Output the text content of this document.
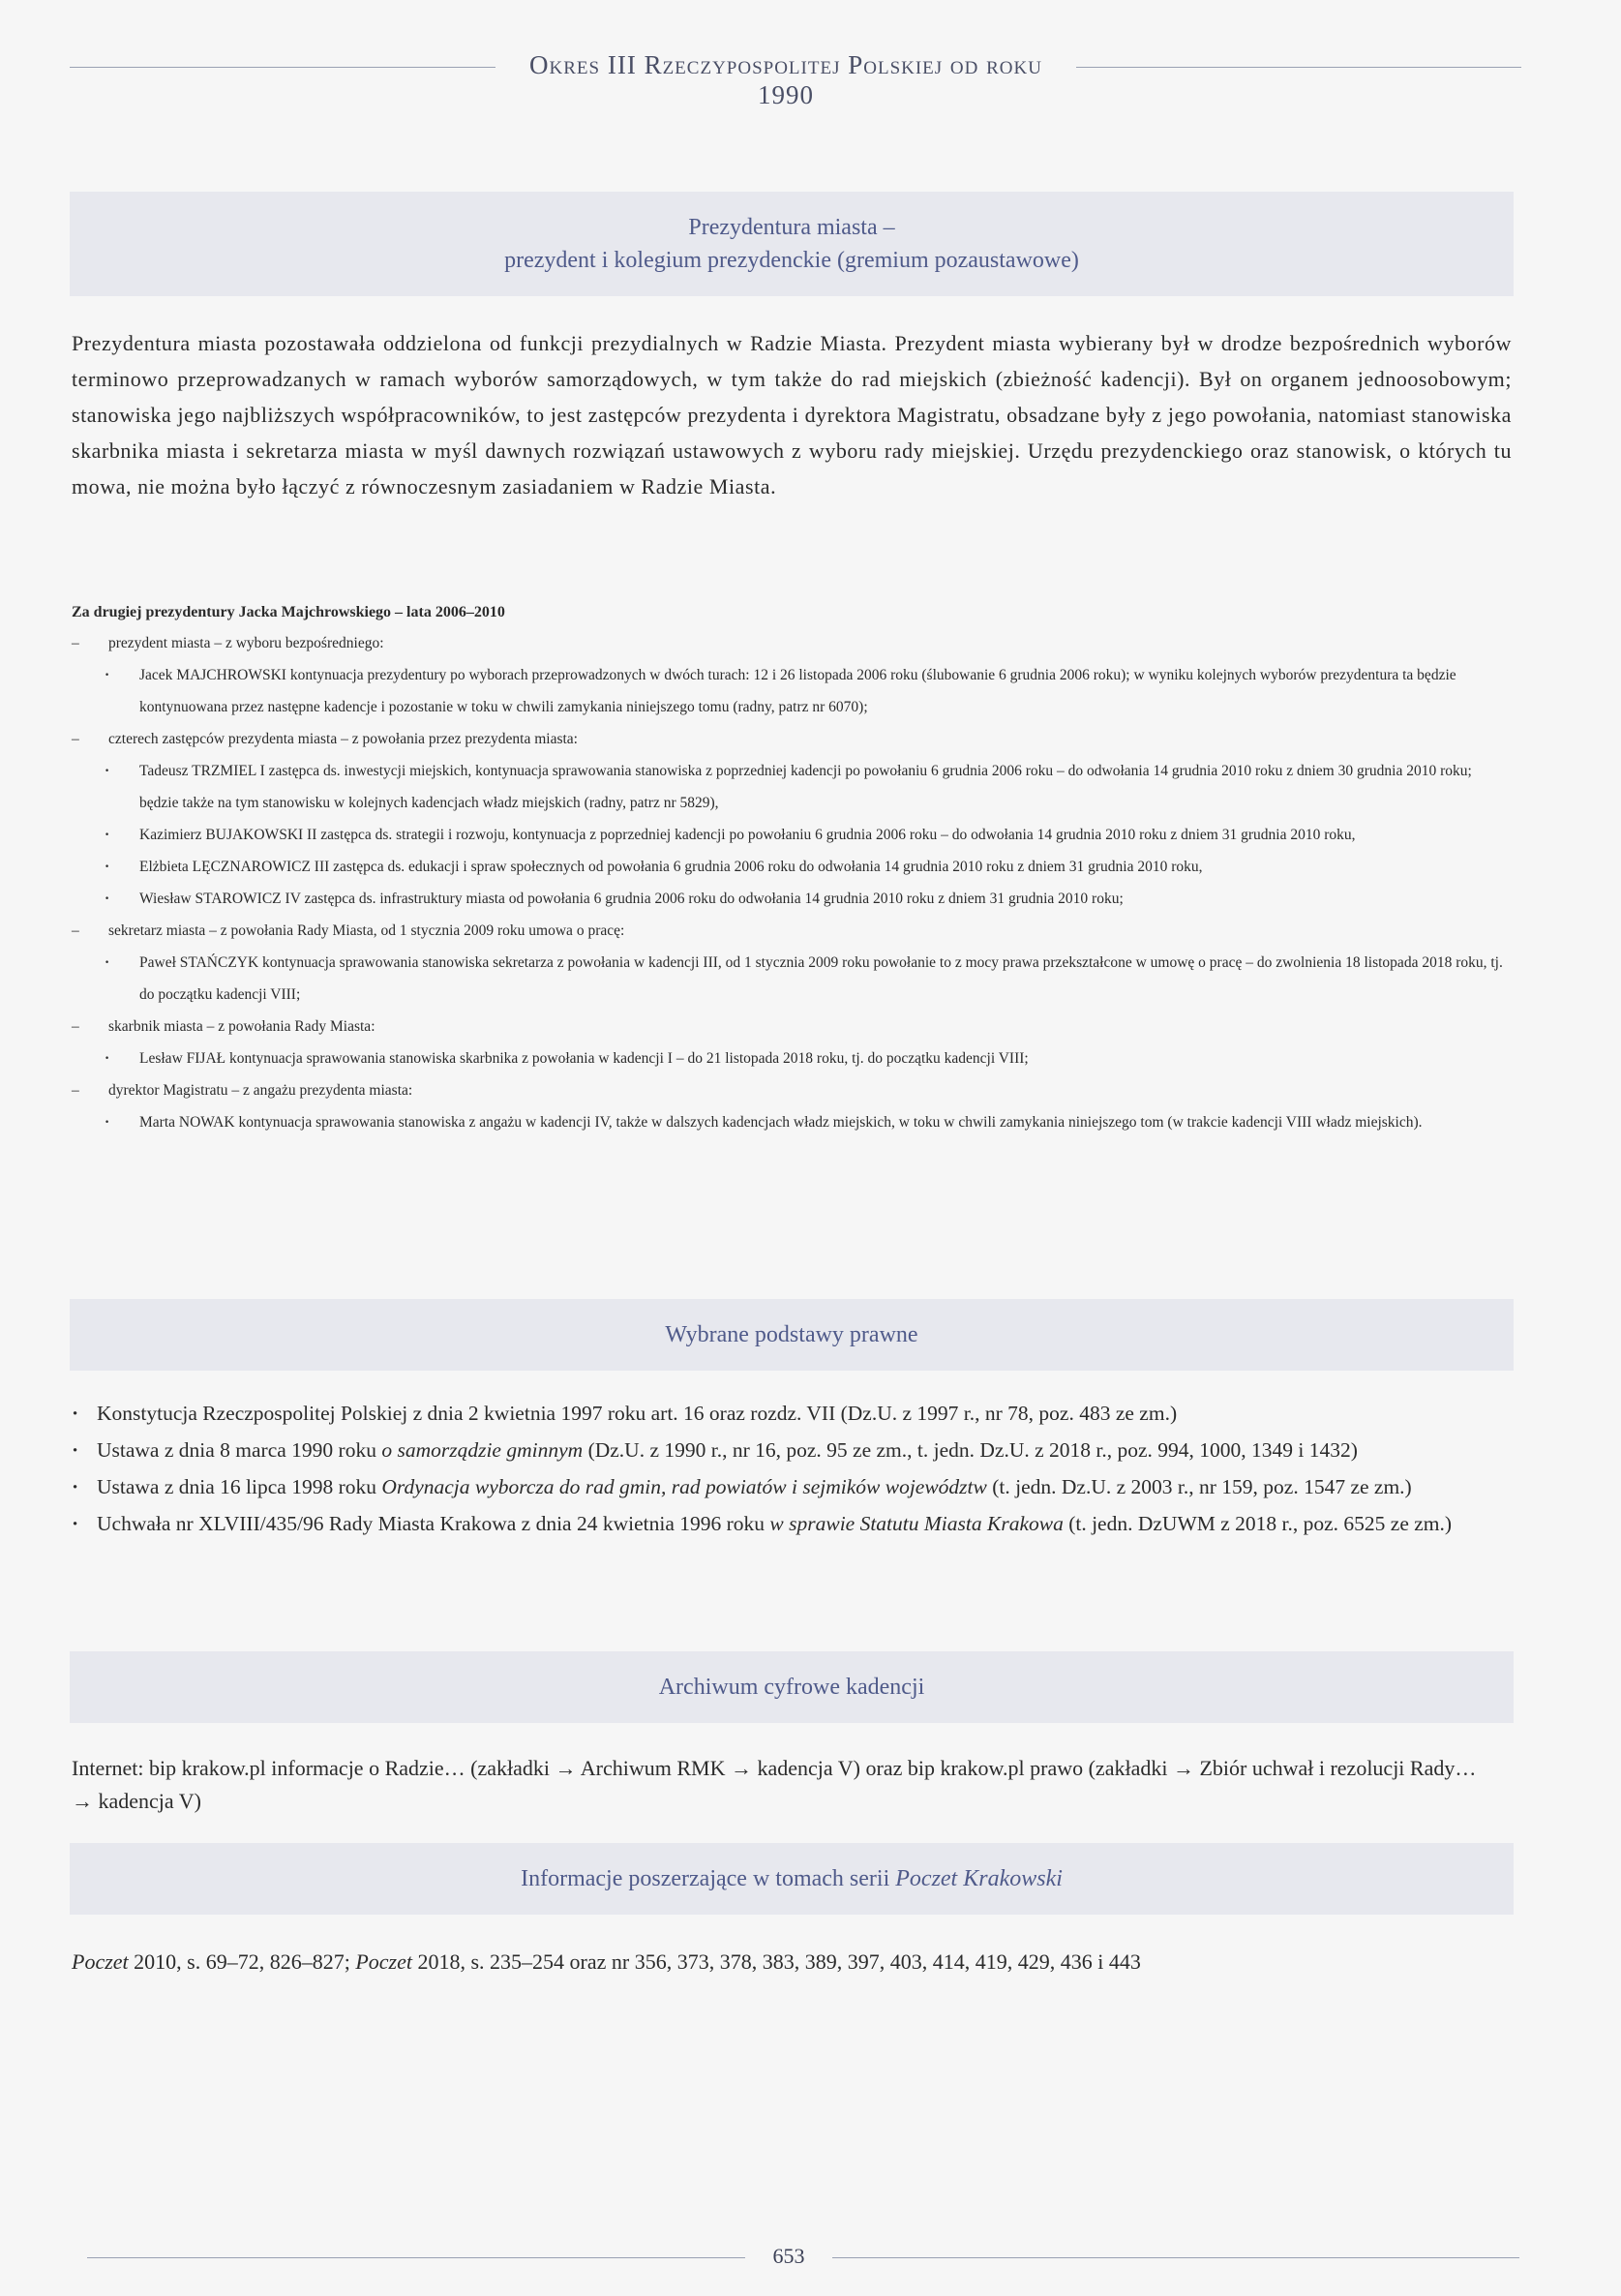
Okres III Rzeczypospolitej Polskiej od roku 1990
Prezydentura miasta –
prezydent i kolegium prezydenckie (gremium pozaustawowe)
Prezydentura miasta pozostawała oddzielona od funkcji prezydialnych w Radzie Miasta. Prezydent miasta wybierany był w drodze bezpośrednich wyborów terminowo przeprowadzanych w ramach wyborów samorządowych, w tym także do rad miejskich (zbieżność kadencji). Był on organem jednoosobowym; stanowiska jego najbliższych współpracowników, to jest zastępców prezydenta i dyrektora Magistratu, obsadzane były z jego powołania, natomiast stanowiska skarbnika miasta i sekretarza miasta w myśl dawnych rozwiązań ustawowych z wyboru rady miejskiej. Urzędu prezydenckiego oraz stanowisk, o których tu mowa, nie można było łączyć z równoczesnym zasiadaniem w Radzie Miasta.
Za drugiej prezydentury Jacka Majchrowskiego – lata 2006–2010
– prezydent miasta – z wyboru bezpośredniego:
· Jacek MAJCHROWSKI kontynuacja prezydentury po wyborach przeprowadzonych w dwóch turach: 12 i 26 listopada 2006 roku (ślubowanie 6 grudnia 2006 roku); w wyniku kolejnych wyborów prezydentura ta będzie kontynuowana przez następne kadencje i pozostanie w toku w chwili zamykania niniejszego tomu (radny, patrz nr 6070);
– czterech zastępców prezydenta miasta – z powołania przez prezydenta miasta:
· Tadeusz TRZMIEL I zastępca ds. inwestycji miejskich, kontynuacja sprawowania stanowiska z poprzedniej kadencji po powołaniu 6 grudnia 2006 roku – do odwołania 14 grudnia 2010 roku z dniem 30 grudnia 2010 roku; będzie także na tym stanowisku w kolejnych kadencjach władz miejskich (radny, patrz nr 5829),
· Kazimierz BUJAKOWSKI II zastępca ds. strategii i rozwoju, kontynuacja z poprzedniej kadencji po powołaniu 6 grudnia 2006 roku – do odwołania 14 grudnia 2010 roku z dniem 31 grudnia 2010 roku,
· Elżbieta LĘCZNAROWICZ III zastępca ds. edukacji i spraw społecznych od powołania 6 grudnia 2006 roku do odwołania 14 grudnia 2010 roku z dniem 31 grudnia 2010 roku,
· Wiesław STAROWICZ IV zastępca ds. infrastruktury miasta od powołania 6 grudnia 2006 roku do odwołania 14 grudnia 2010 roku z dniem 31 grudnia 2010 roku;
– sekretarz miasta – z powołania Rady Miasta, od 1 stycznia 2009 roku umowa o pracę:
· Paweł STAŃCZYK kontynuacja sprawowania stanowiska sekretarza z powołania w kadencji III, od 1 stycznia 2009 roku powołanie to z mocy prawa przekształcone w umowę o pracę – do zwolnienia 18 listopada 2018 roku, tj. do początku kadencji VIII;
– skarbnik miasta – z powołania Rady Miasta:
· Lesław FIJAŁ kontynuacja sprawowania stanowiska skarbnika z powołania w kadencji I – do 21 listopada 2018 roku, tj. do początku kadencji VIII;
– dyrektor Magistratu – z angażu prezydenta miasta:
· Marta NOWAK kontynuacja sprawowania stanowiska z angażu w kadencji IV, także w dalszych kadencjach władz miejskich, w toku w chwili zamykania niniejszego tom (w trakcie kadencji VIII władz miejskich).
Wybrane podstawy prawne
· Konstytucja Rzeczpospolitej Polskiej z dnia 2 kwietnia 1997 roku art. 16 oraz rozdz. VII (Dz.U. z 1997 r., nr 78, poz. 483 ze zm.)
· Ustawa z dnia 8 marca 1990 roku o samorządzie gminnym (Dz.U. z 1990 r., nr 16, poz. 95 ze zm., t. jedn. Dz.U. z 2018 r., poz. 994, 1000, 1349 i 1432)
· Ustawa z dnia 16 lipca 1998 roku Ordynacja wyborcza do rad gmin, rad powiatów i sejmików województw (t. jedn. Dz.U. z 2003 r., nr 159, poz. 1547 ze zm.)
· Uchwała nr XLVIII/435/96 Rady Miasta Krakowa z dnia 24 kwietnia 1996 roku w sprawie Statutu Miasta Krakowa (t. jedn. DzUWM z 2018 r., poz. 6525 ze zm.)
Archiwum cyfrowe kadencji
Internet: bip krakow.pl informacje o Radzie… (zakładki → Archiwum RMK → kadencja V) oraz bip krakow.pl prawo (zakładki → Zbiór uchwał i rezolucji Rady… → kadencja V)
Informacje poszerzające w tomach serii Poczet Krakowski
Poczet 2010, s. 69–72, 826–827; Poczet 2018, s. 235–254 oraz nr 356, 373, 378, 383, 389, 397, 403, 414, 419, 429, 436 i 443
653
